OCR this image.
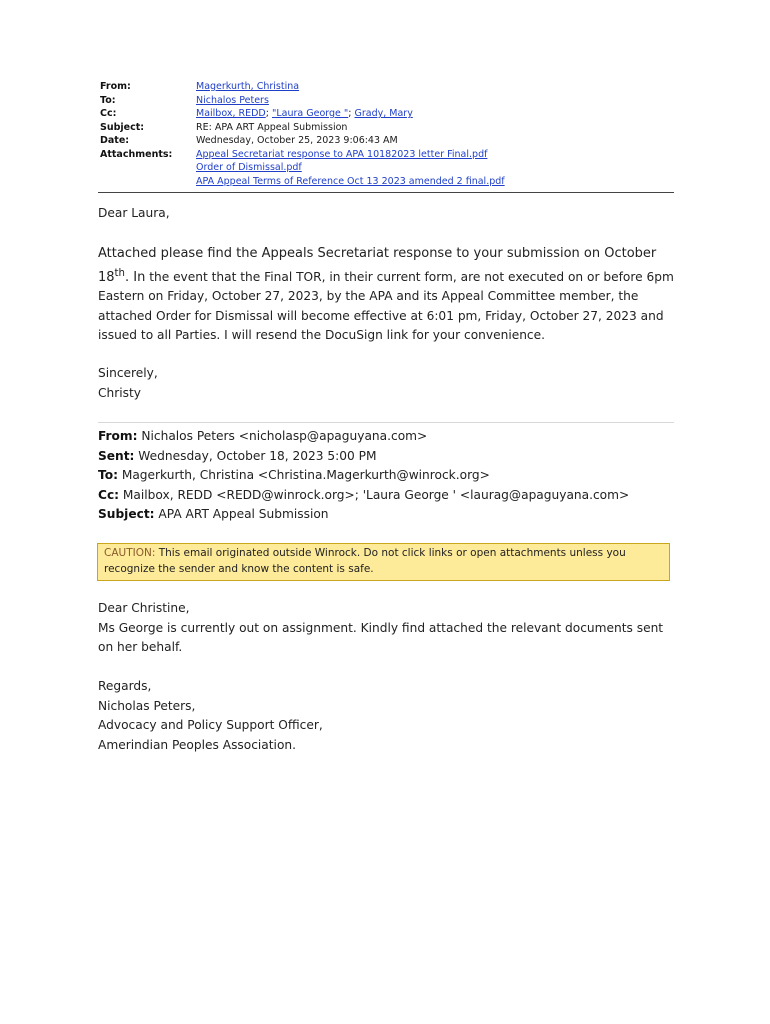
From:	Magerkurth, Christina
To:	Nichalos Peters
Cc:	Mailbox, REDD; "Laura George "; Grady, Mary
Subject:	RE: APA ART Appeal Submission
Date:	Wednesday, October 25, 2023 9:06:43 AM
Attachments:	Appeal Secretariat response to APA 10182023 letter Final.pdf
Order of Dismissal.pdf
APA Appeal Terms of Reference Oct 13 2023 amended 2 final.pdf
Dear Laura,
Attached please find the Appeals Secretariat response to your submission on October 18th. In the event that the Final TOR, in their current form, are not executed on or before 6pm Eastern on Friday, October 27, 2023, by the APA and its Appeal Committee member, the attached Order for Dismissal will become effective at 6:01 pm, Friday, October 27, 2023 and issued to all Parties. I will resend the DocuSign link for your convenience.
Sincerely,
Christy
From: Nichalos Peters <nicholasp@apaguyana.com>
Sent: Wednesday, October 18, 2023 5:00 PM
To: Magerkurth, Christina <Christina.Magerkurth@winrock.org>
Cc: Mailbox, REDD <REDD@winrock.org>; 'Laura George ' <laurag@apaguyana.com>
Subject: APA ART Appeal Submission
CAUTION: This email originated outside Winrock. Do not click links or open attachments unless you recognize the sender and know the content is safe.
Dear Christine,
Ms George is currently out on assignment. Kindly find attached the relevant documents sent on her behalf.
Regards,
Nicholas Peters,
Advocacy and Policy Support Officer,
Amerindian Peoples Association.
